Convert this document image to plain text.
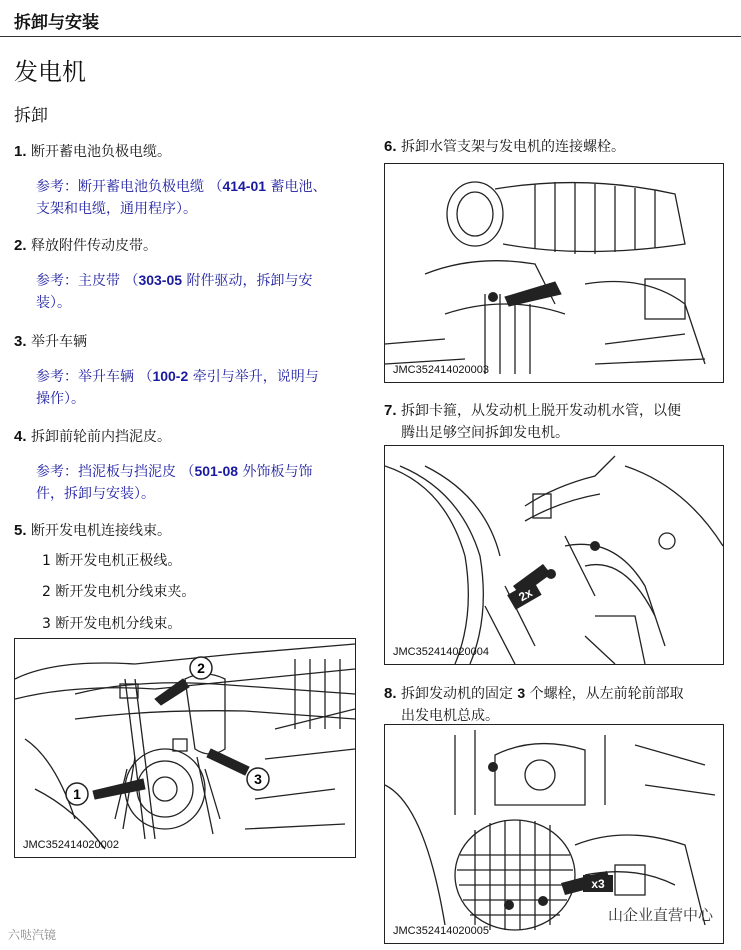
拆卸与安装
发电机
拆卸
1. 断开蓄电池负极电缆。
参考：断开蓄电池负极电缆 （414-01 蓄电池、
支架和电缆，通用程序）。
2. 释放附件传动皮带。
参考：主皮带 （303-05 附件驱动，拆卸与安
装）。
3. 举升车辆
参考：举升车辆 （100-2 牵引与举升，说明与
操作）。
4. 拆卸前轮前内挡泥皮。
参考：挡泥板与挡泥皮 （501-08 外饰板与饰
件，拆卸与安装）。
5. 断开发电机连接线束。
1 断开发电机正极线。
2 断开发电机分线束夹。
3 断开发电机分线束。
2
1
3
JMC352414020002
6. 拆卸水管支架与发电机的连接螺栓。
JMC352414020003
7. 拆卸卡箍，从发动机上脱开发动机水管，以便
腾出足够空间拆卸发电机。
2x
JMC352414020004
8. 拆卸发动机的固定 3 个螺栓，从左前轮前部取
出发电机总成。
x3
JMC352414020005
山企业直营中心
六哒汽镜
